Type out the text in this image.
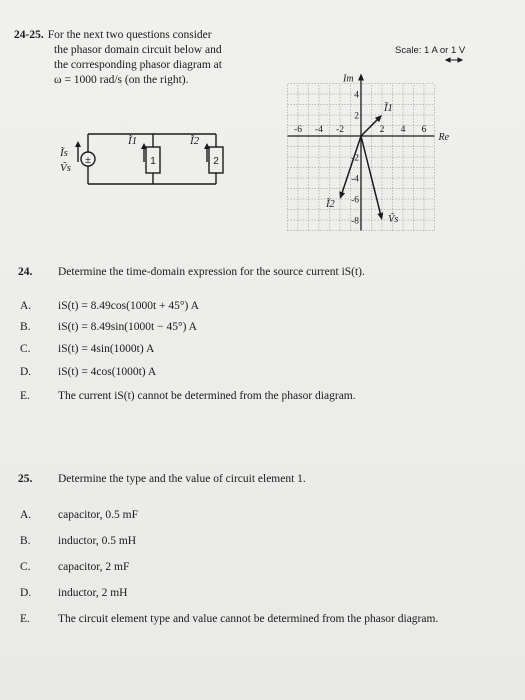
24-25. For the next two questions consider
the phasor domain circuit below and
the corresponding phasor diagram at
ω = 1000 rad/s (on the right).
Ĩs
Ṽs
Ĩ1	Ĩ2
±	1	2
-6 -4 -2	2 4 6
4
2
-2
-4
-6
-8
Im
Re
Scale: 1 A or 1 V
Ĩ1
Ĩ2
Ṽs
24. Determine the time-domain expression for the source current iS(t).
A. iS(t) = 8.49cos(1000t + 45°) A
B. iS(t) = 8.49sin(1000t − 45°) A
C. iS(t) = 4sin(1000t) A
D. iS(t) = 4cos(1000t) A
E. The current iS(t) cannot be determined from the phasor diagram.
25. Determine the type and the value of circuit element 1.
A. capacitor, 0.5 mF
B. inductor, 0.5 mH
C. capacitor, 2 mF
D. inductor, 2 mH
E. The circuit element type and value cannot be determined from the phasor diagram.
